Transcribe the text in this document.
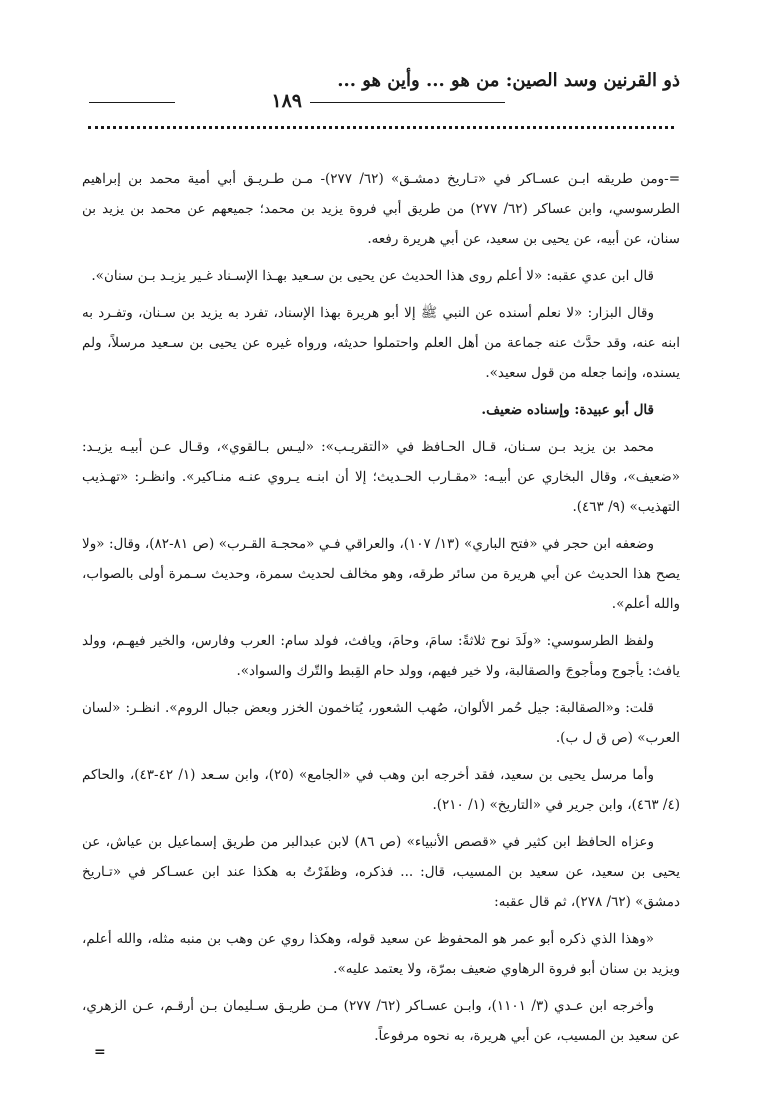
ذو القرنين وسد الصين: من هو ... وأين هو ...
١٨٩

=-ومن طريقه ابـن عسـاكر في «تـاريخ دمشـق» (٦٢/ ٢٧٧)- مـن طـريـق أبي أمية محمد بن إبراهيم الطرسوسي، وابن عساكر (٦٢/ ٢٧٧) من طريق أبي فروة يزيد بن محمد؛ جميعهم عن محمد بن يزيد بن سنان، عن أبيه، عن يحيى بن سعيد، عن أبي هريرة رفعه.

قال ابن عدي عقبه: «لا أعلم روى هذا الحديث عن يحيى بن سـعيد بهـذا الإسـناد غـير يزيـد بـن سنان».

وقال البزار: «لا نعلم أسنده عن النبي ﷺ إلا أبو هريرة بهذا الإسناد، تفرد به يزيد بن سـنان، وتفـرد به ابنه عنه، وقد حدَّث عنه جماعة من أهل العلم واحتملوا حديثه، ورواه غيره عن يحيى بن سـعيد مرسلاً، ولم يسنده، وإنما جعله من قول سعيد».

قال أبو عبيدة: وإسناده ضعيف.

محمد بن يزيد بـن سـنان، قـال الحـافظ في «التقريـب»: «ليـس بـالقوي»، وقـال عـن أبيـه يزيـد: «ضعيف»، وقال البخاري عن أبيـه: «مقـارب الحـديث؛ إلا أن ابنـه يـروي عنـه منـاكير». وانظـر: «تهـذيب التهذيب» (٩/ ٤٦٣).

وضعفه ابن حجر في «فتح الباري» (١٣/ ١٠٧)، والعراقي فـي «محجـة القـرب» (ص ٨١-٨٢)، وقال: «ولا يصح هذا الحديث عن أبي هريرة من سائر طرقه، وهو مخالف لحديث سمرة، وحديث سـمرة أولى بالصواب، والله أعلم».

ولفظ الطرسوسي: «ولَدَ نوح ثلاثةً: سامَ، وحامَ، ويافث، فولد سام: العرب وفارس، والخير فيهـم، وولد يافث: يأجوج ومأجوجَ والصقالبة، ولا خير فيهم، وولد حام القِبط والتّرك والسواد».

قلت: و«الصقالبة: جيل حُمر الألوان، صُهب الشعور، يُتاخمون الخزر وبعض جبال الروم». انظـر: «لسان العرب» (ص ق ل ب).

وأما مرسل يحيى بن سعيد، فقد أخرجه ابن وهب في «الجامع» (٢٥)، وابن سـعد (١/ ٤٢-٤٣)، والحاكم (٤/ ٤٦٣)، وابن جرير في «التاريخ» (١/ ٢١٠).

وعزاه الحافظ ابن كثير في «قصص الأنبياء» (ص ٨٦) لابن عبدالبر من طريق إسماعيل بن عياش، عن يحيى بن سعيد، عن سعيد بن المسيب، قال: ... فذكره، وظفَرْتُ به هكذا عند ابن عسـاكر في «تـاريخ دمشق» (٦٢/ ٢٧٨)، ثم قال عقبه:

«وهذا الذي ذكره أبو عمر هو المحفوظ عن سعيد قوله، وهكذا روي عن وهب بن منبه مثله، والله أعلم، ويزيد بن سنان أبو فروة الرهاوي ضعيف بمرّة، ولا يعتمد عليه».

وأخرجه ابن عـدي (٣/ ١١٠١)، وابـن عسـاكر (٦٢/ ٢٧٧) مـن طريـق سـليمان بـن أرقـم، عـن الزهري، عن سعيد بن المسيب، عن أبي هريرة، به نحوه مرفوعاً.

=
